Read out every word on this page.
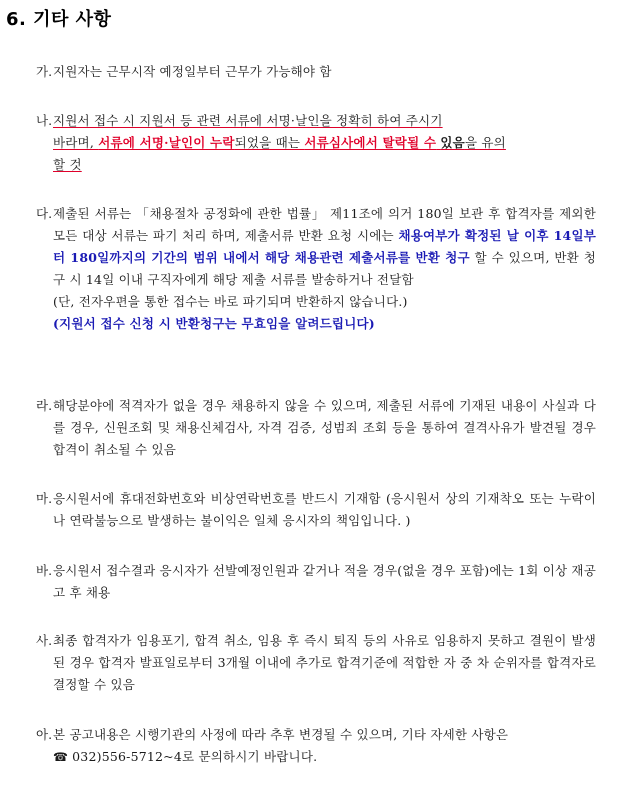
6. 기타 사항
가. 지원자는 근무시작 예정일부터 근무가 가능해야 함
나. 지원서 접수 시 지원서 등 관련 서류에 서명·날인을 정확히 하여 주시기
바라며, 서류에 서명·날인이 누락되었을 때는 서류심사에서 탈락될 수 있음을 유의
할 것
다. 제출된 서류는 「채용절차 공정화에 관한 법률」 제11조에 의거 180일 보관 후 합격자를 제외한 모든 대상 서류는 파기 처리 하며, 제출서류 반환 요청 시에는 채용여부가 확정된 날 이후 14일부터 180일까지의 기간의 범위 내에서 해당 채용관련 제출서류를 반환 청구 할 수 있으며, 반환 청구 시 14일 이내 구직자에게 해당 제출 서류를 발송하거나 전달함
(단, 전자우편을 통한 접수는 바로 파기되며 반환하지 않습니다.)
(지원서 접수 신청 시 반환청구는 무효임을 알려드립니다)
라. 해당분야에 적격자가 없을 경우 채용하지 않을 수 있으며, 제출된 서류에 기재된 내용이 사실과 다를 경우, 신원조회 및 채용신체검사, 자격 검증, 성범죄 조회 등을 통하여 결격사유가 발견될 경우 합격이 취소될 수 있음
마. 응시원서에 휴대전화번호와 비상연락번호를 반드시 기재함 (응시원서 상의 기재착오 또는 누락이나 연락불능으로 발생하는 불이익은 일체 응시자의 책임입니다. )
바. 응시원서 접수결과 응시자가 선발예정인원과 같거나 적을 경우(없을 경우 포함)에는 1회 이상 재공고 후 채용
사. 최종 합격자가 임용포기, 합격 취소, 임용 후 즉시 퇴직 등의 사유로 임용하지 못하고 결원이 발생된 경우 합격자 발표일로부터 3개월 이내에 추가로 합격기준에 적합한 자 중 차 순위자를 합격자로 결정할 수 있음
아. 본 공고내용은 시행기관의 사정에 따라 추후 변경될 수 있으며, 기타 자세한 사항은
☎ 032)556-5712~4로 문의하시기 바랍니다.
